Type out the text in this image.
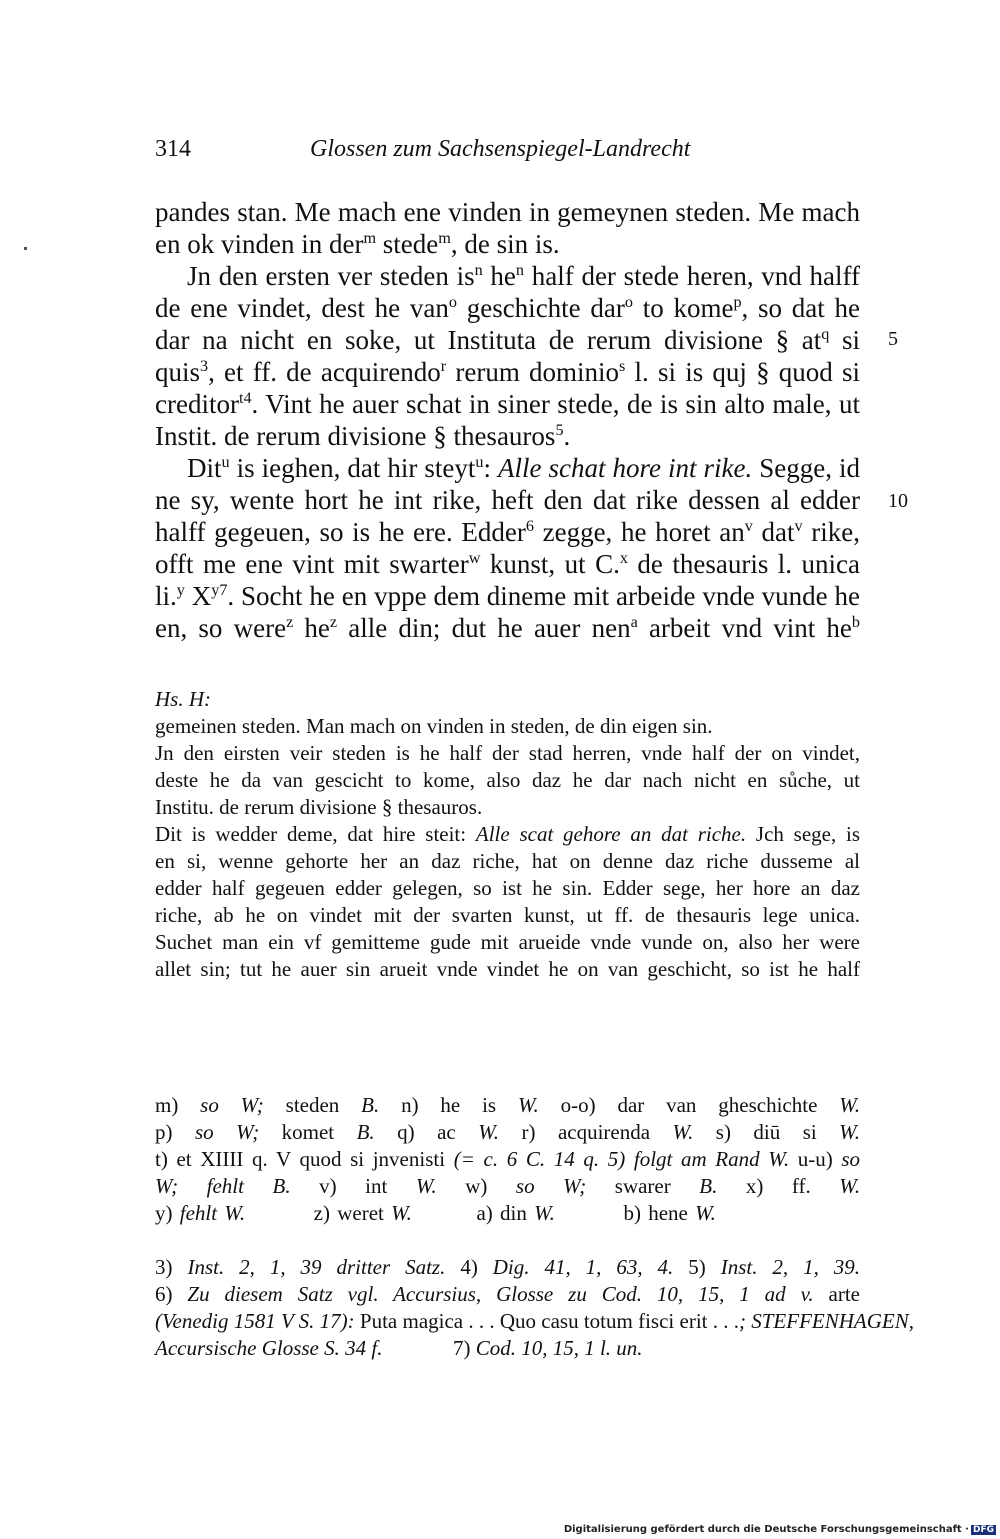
314	Glossen zum Sachsenspiegel-Landrecht
pandes stan. Me mach ene vinden in gemeynen steden. Me mach
en ok vinden in der$^m$ stede$^m$, de sin is.
Jn den ersten ver steden $is^n$ $he^n$ half der stede heren, vnd halff
de ene vindet, dest he van$^o$ geschichte dar$^o$ to kome$^p$, so dat he
dar na nicht en soke, ut Instituta de rerum divisione § $at^q$ si
quis$^3$, et ff. de acquirendo$^r$ rerum dominio$^s$ l. si is quj § quod si
creditor$^{t4}$. Vint he auer schat in siner stede, de is sin alto male, ut
Instit. de rerum divisione § thesauros$^5$.
Dit$^u$ is ieghen, dat hir steyt$^u$: Alle schat hore int rike. Segge, id
ne sy, wente hort he int rike, heft den dat rike dessen al edder
halff gegeuen, so is he ere. Edder$^6$ zegge, he horet $an^v$ dat$^v$ rike,
offt me ene vint mit swarter$^w$ kunst, ut C.$^x$ de thesauris l. unica
li.$^y$ $X^{y7}$. Socht he en vppe dem dineme mit arbeide vnde vunde he
en, so were$^z$ $he^z$ alle din; dut he auer nen$^a$ arbeit vnd vint $he^b$
5
10
Hs. H:
gemeinen steden. Man mach on vinden in steden, de din eigen sin.
Jn den eirsten veir steden is he half der stad herren, vnde half der on vindet,
deste he da van gescicht to kome, also daz he dar nach nicht en sůche, ut
Institu. de rerum divisione § thesauros.
Dit is wedder deme, dat hire steit: Alle scat gehore an dat riche. Jch sege, is
en si, wenne gehorte her an daz riche, hat on denne daz riche dusseme al
edder half gegeuen edder gelegen, so ist he sin. Edder sege, her hore an daz
riche, ab he on vindet mit der svarten kunst, ut ff. de thesauris lege unica.
Suchet man ein vf gemitteme gude mit arueide vnde vunde on, also her were
allet sin; tut he auer sin arueit vnde vindet he on van geschicht, so ist he half
m) so W; steden B. n) he is W. o-o) dar van gheschichte W.
p) so W; komet B. q) ac W. r) acquirenda W. s) diū si W.
t) et XIIII q. V quod si jnvenisti (= c. 6 C. 14 q. 5) folgt am Rand W. u-u) so
W; fehlt B. v) int W. w) so W; swarer B. x) ff. W.
y) fehlt W.	z) weret W.	a) din W.	b) hene W.
3) Inst. 2, 1, 39 dritter Satz. 4) Dig. 41, 1, 63, 4. 5) Inst. 2, 1, 39.
6) Zu diesem Satz vgl. Accursius, Glosse zu Cod. 10, 15, 1 ad v. arte
(Venedig 1581 V S. 17): Puta magica . . . Quo casu totum fisci erit . . .; STEFFENHAGEN,
Accursische Glosse S. 34 f.	7) Cod. 10, 15, 1 l. un.
Digitalisierung gefördert durch die Deutsche Forschungsgemeinschaft · DFG
